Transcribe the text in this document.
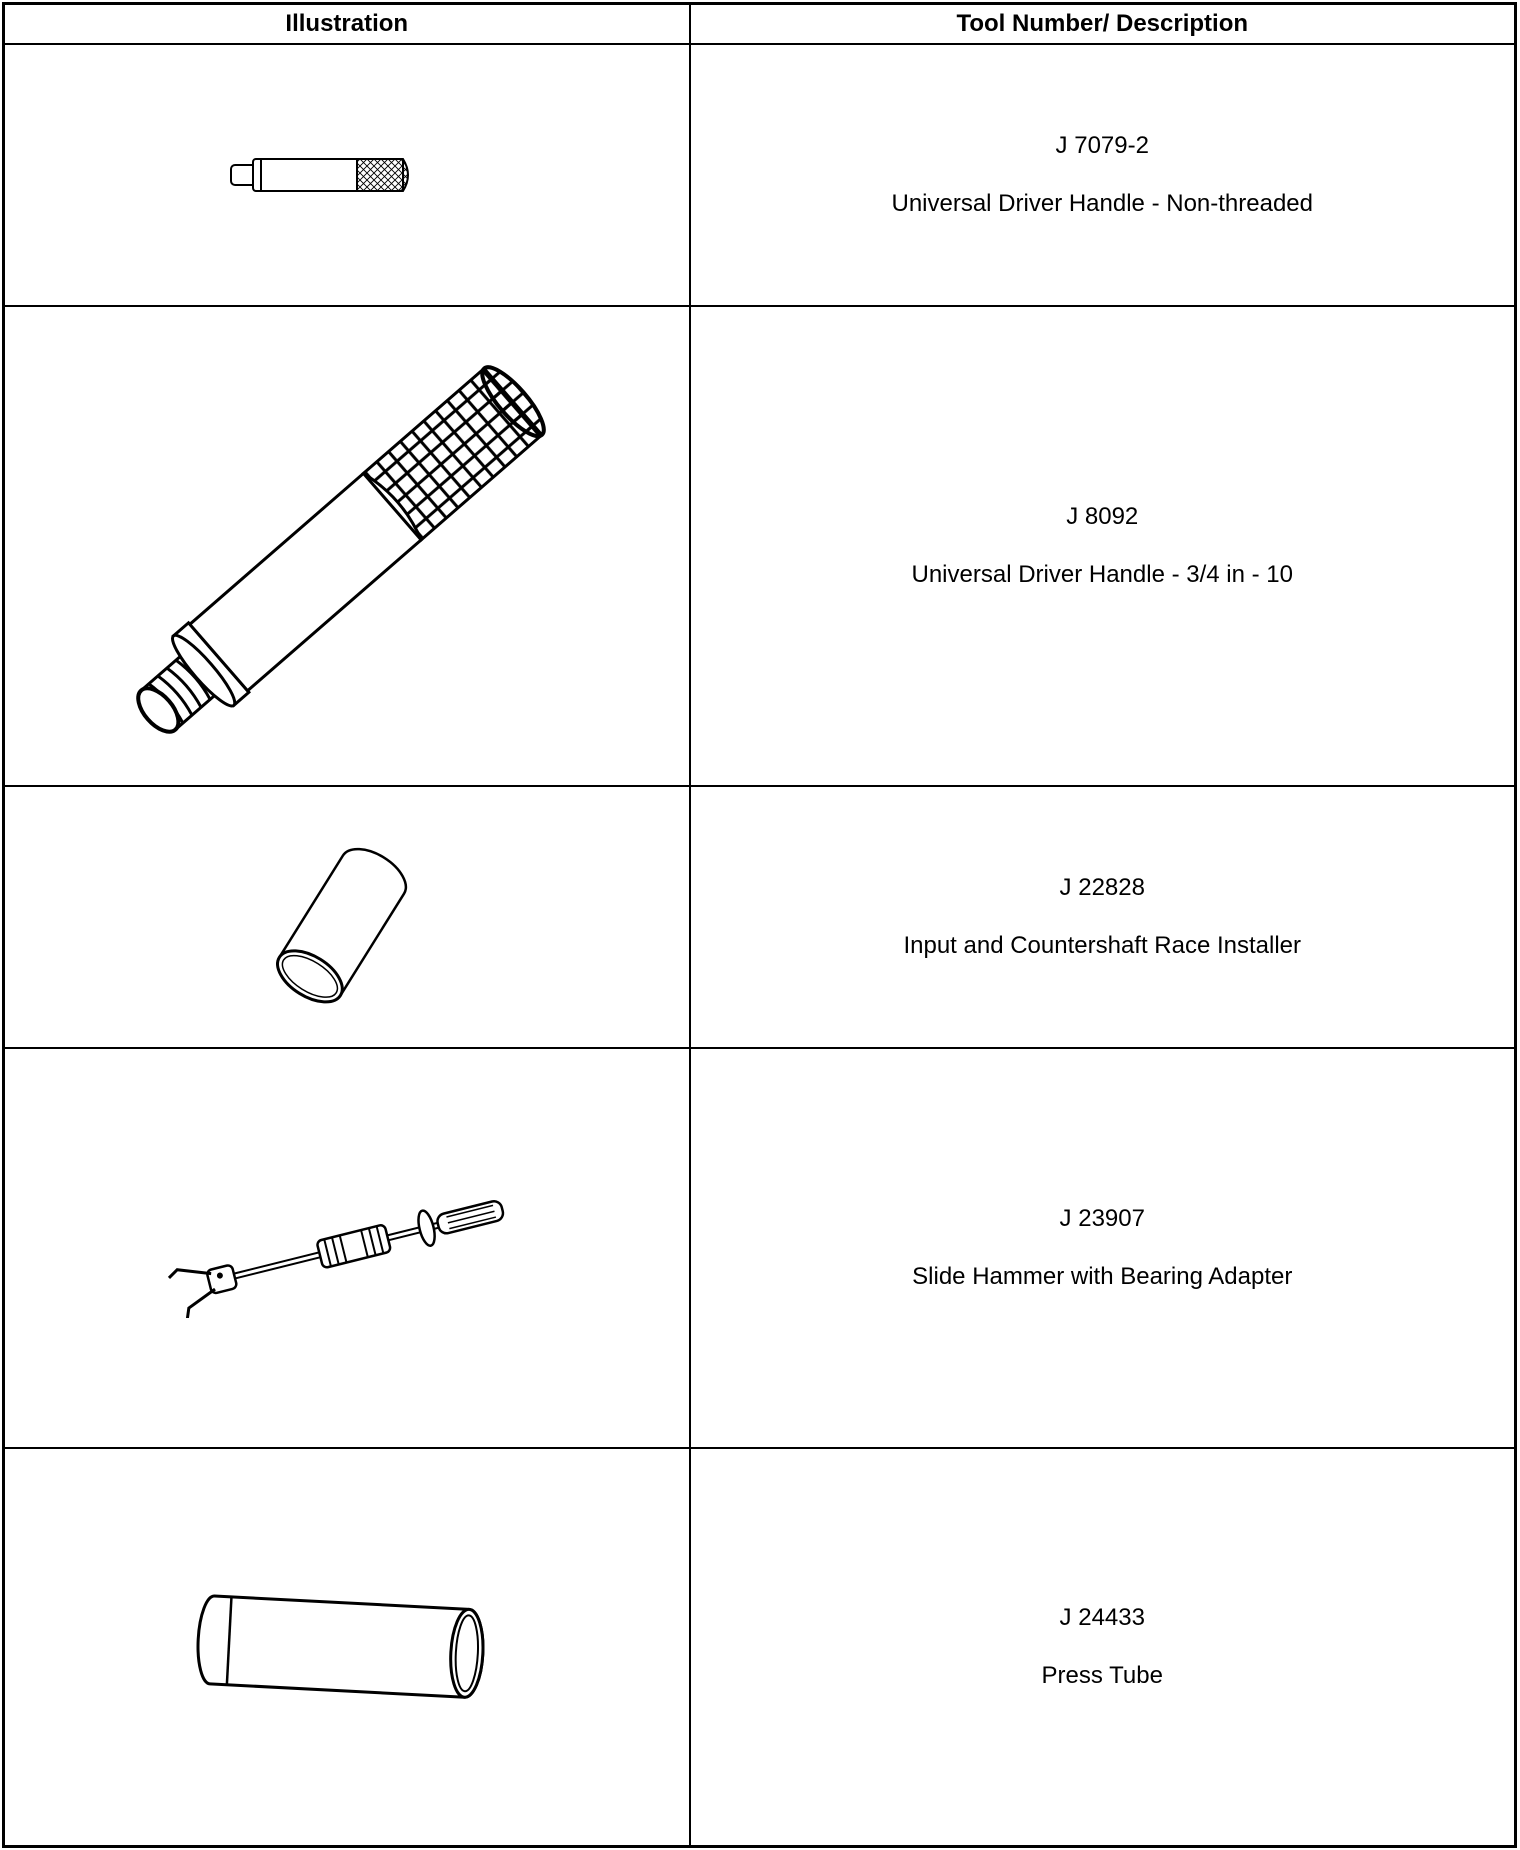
Illustration	Tool Number/ Description

J 7079-2
Universal Driver Handle - Non-threaded

J 8092
Universal Driver Handle - 3/4 in - 10

J 22828
Input and Countershaft Race Installer

J 23907
Slide Hammer with Bearing Adapter

J 24433
Press Tube
